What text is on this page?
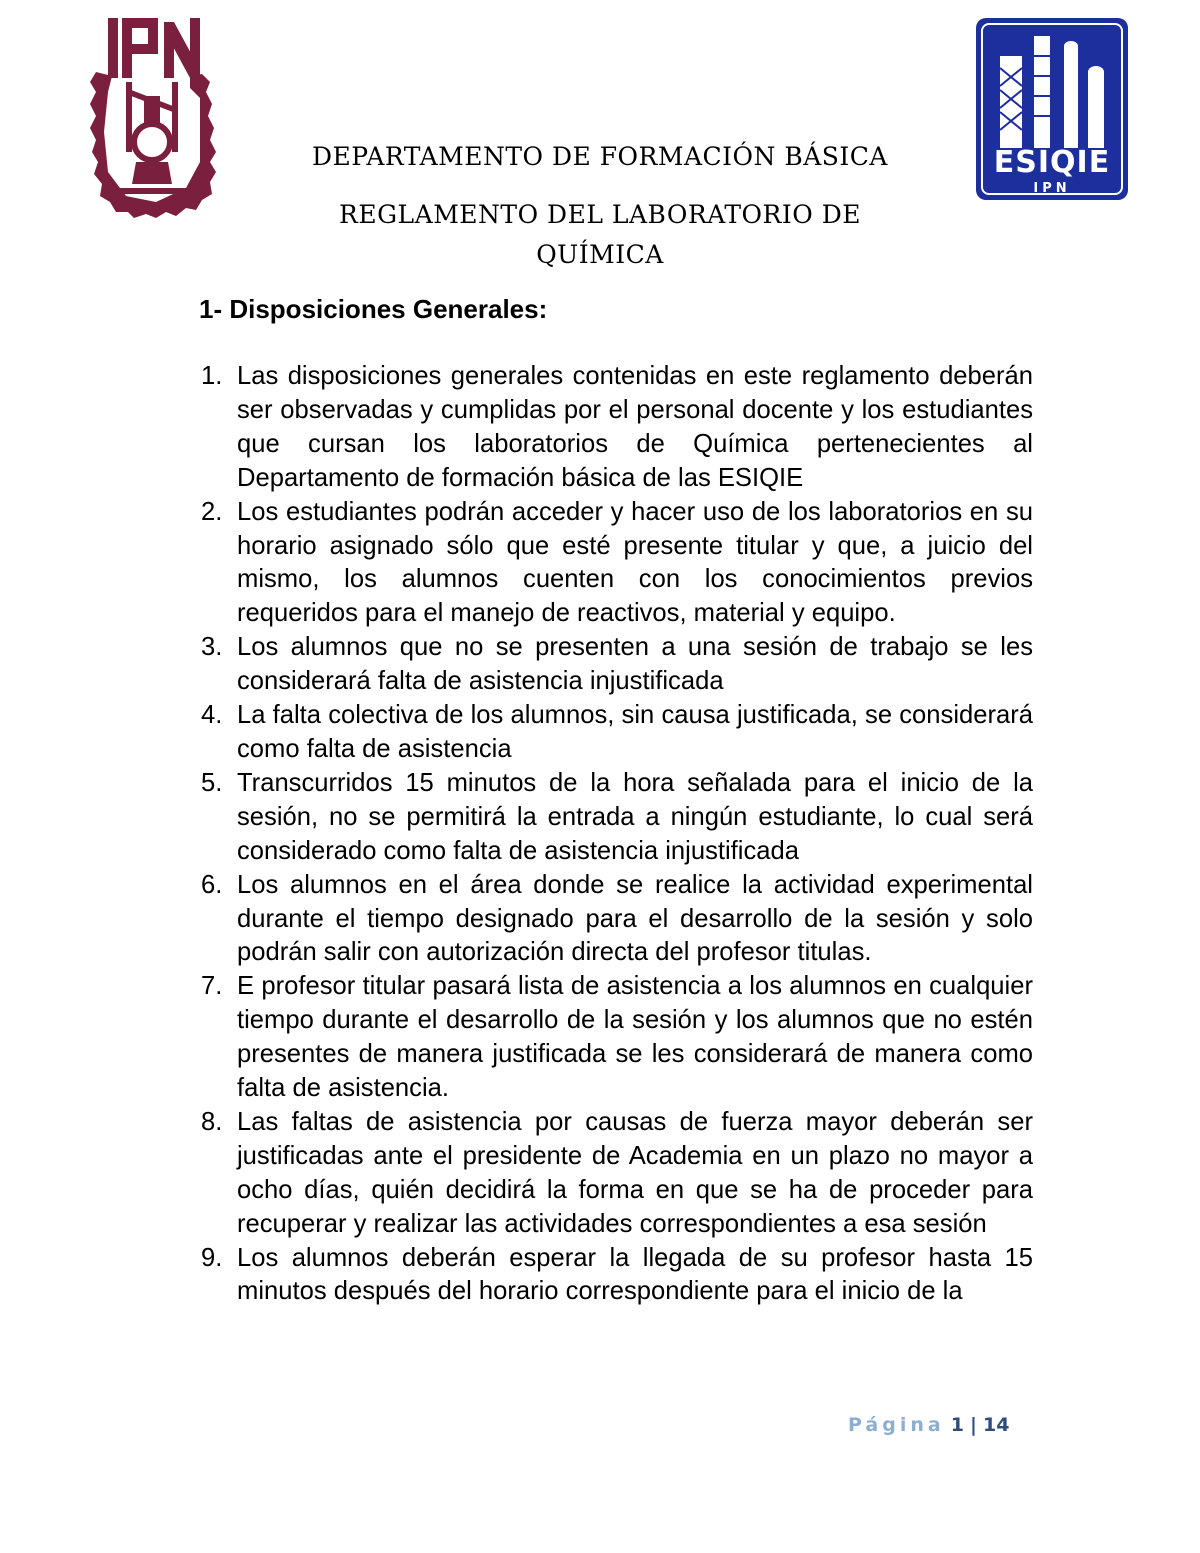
ESIQIE
IPN
DEPARTAMENTO DE FORMACIÓN BÁSICA
REGLAMENTO DEL LABORATORIO DE
QUÍMICA
1- Disposiciones Generales:
1. Las disposiciones generales contenidas en este reglamento deberán ser observadas y cumplidas por el personal docente y los estudiantes que cursan los laboratorios de Química pertenecientes al Departamento de formación básica de las ESIQIE
2. Los estudiantes podrán acceder y hacer uso de los laboratorios en su horario asignado sólo que esté presente titular y que, a juicio del mismo, los alumnos cuenten con los conocimientos previos requeridos para el manejo de reactivos, material y equipo.
3. Los alumnos que no se presenten a una sesión de trabajo se les considerará falta de asistencia injustificada
4. La falta colectiva de los alumnos, sin causa justificada, se considerará como falta de asistencia
5. Transcurridos 15 minutos de la hora señalada para el inicio de la sesión, no se permitirá la entrada a ningún estudiante, lo cual será considerado como falta de asistencia injustificada
6. Los alumnos en el área donde se realice la actividad experimental durante el tiempo designado para el desarrollo de la sesión y solo podrán salir con autorización directa del profesor titulas.
7. E profesor titular pasará lista de asistencia a los alumnos en cualquier tiempo durante el desarrollo de la sesión y los alumnos que no estén presentes de manera justificada se les considerará de manera como falta de asistencia.
8. Las faltas de asistencia por causas de fuerza mayor deberán ser justificadas ante el presidente de Academia en un plazo no mayor a ocho días, quién decidirá la forma en que se ha de proceder para recuperar y realizar las actividades correspondientes a esa sesión
9. Los alumnos deberán esperar la llegada de su profesor hasta 15 minutos después del horario correspondiente para el inicio de la
Página 1 | 14
